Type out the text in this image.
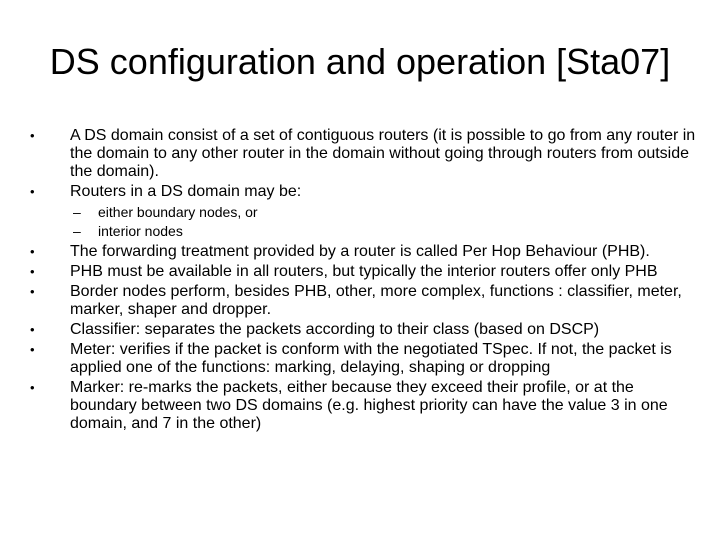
DS configuration and operation [Sta07]
• A DS domain consist of a set of contiguous routers (it is possible to go from any router in the domain to any other router in the domain without going through routers from outside the domain).
• Routers in a DS domain may be:
– either boundary nodes, or
– interior nodes
• The forwarding treatment provided by a router is called Per Hop Behaviour (PHB).
• PHB must be available in all routers, but typically the interior routers offer only PHB
• Border nodes perform, besides PHB, other, more complex, functions : classifier, meter, marker, shaper and dropper.
• Classifier: separates the packets according to their class (based on DSCP)
• Meter: verifies if the packet is conform with the negotiated TSpec. If not, the packet is applied one of the functions: marking, delaying, shaping or dropping
• Marker: re-marks the packets, either because they exceed their profile, or at the boundary between two DS domains (e.g. highest priority can have the value 3 in one domain, and 7 in the other)
